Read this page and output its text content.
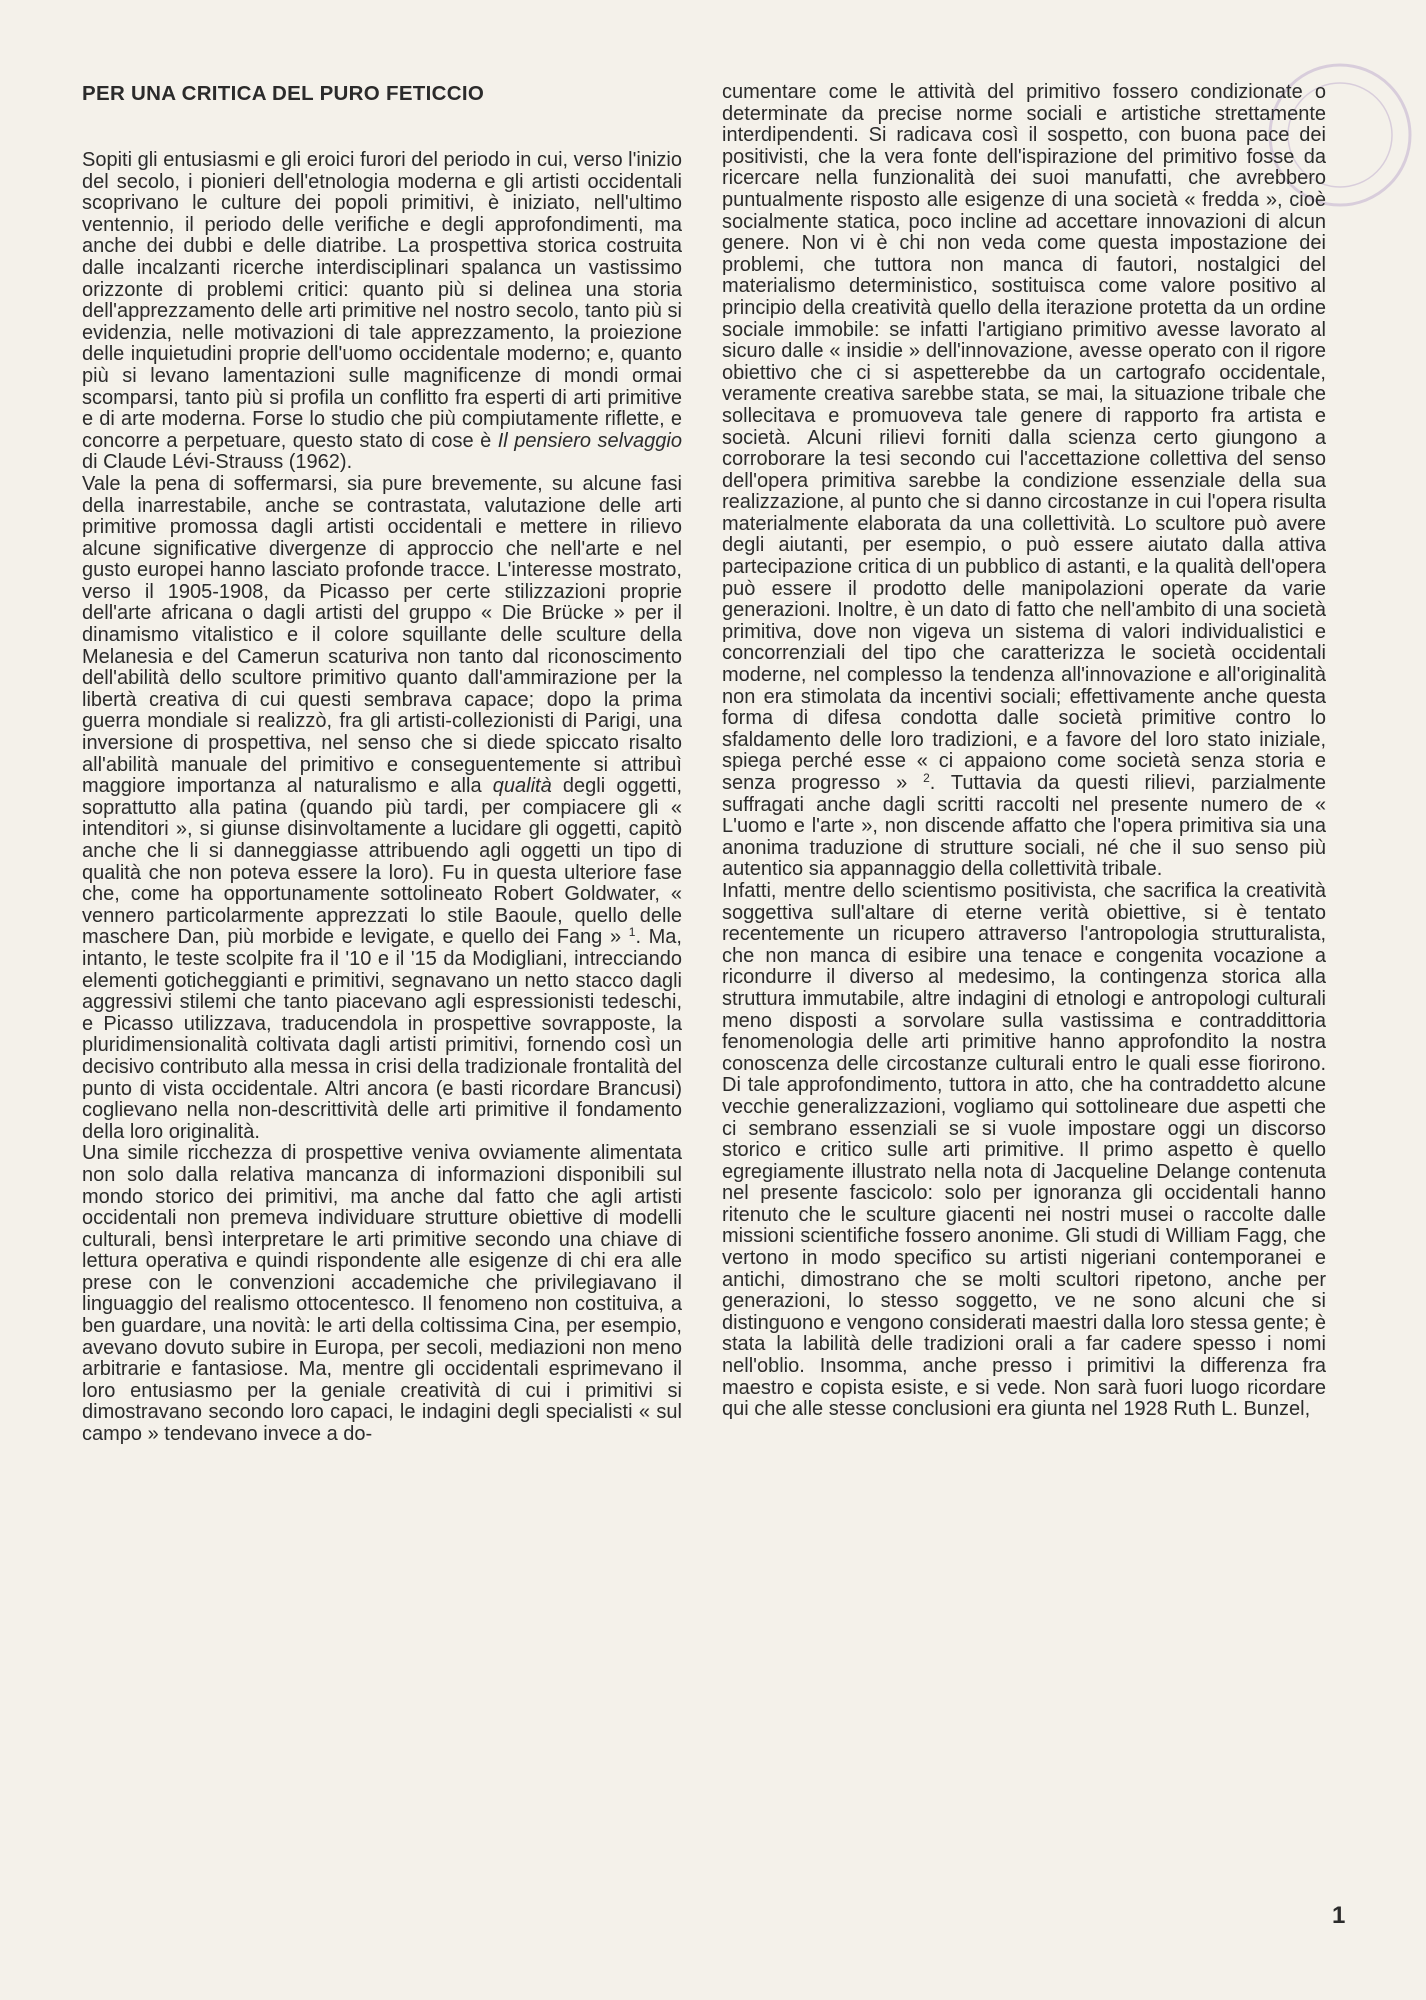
PER UNA CRITICA DEL PURO FETICCIO

Sopiti gli entusiasmi e gli eroici furori del periodo in cui, verso l'inizio del secolo, i pionieri dell'etnologia moderna e gli artisti occidentali scoprivano le culture dei popoli primitivi, è iniziato, nell'ultimo ventennio, il periodo delle verifiche e degli approfondimenti, ma anche dei dubbi e delle diatribe. La prospettiva storica costruita dalle incalzanti ricerche interdisciplinari spalanca un vastissimo orizzonte di problemi critici: quanto più si delinea una storia dell'apprezzamento delle arti primitive nel nostro secolo, tanto più si evidenzia, nelle motivazioni di tale apprezzamento, la proiezione delle inquietudini proprie dell'uomo occidentale moderno; e, quanto più si levano lamentazioni sulle magnificenze di mondi ormai scomparsi, tanto più si profila un conflitto fra esperti di arti primitive e di arte moderna. Forse lo studio che più compiutamente riflette, e concorre a perpetuare, questo stato di cose è Il pensiero selvaggio di Claude Lévi-Strauss (1962).

Vale la pena di soffermarsi, sia pure brevemente, su alcune fasi della inarrestabile, anche se contrastata, valutazione delle arti primitive promossa dagli artisti occidentali e mettere in rilievo alcune significative divergenze di approccio che nell'arte e nel gusto europei hanno lasciato profonde tracce. L'interesse mostrato, verso il 1905-1908, da Picasso per certe stilizzazioni proprie dell'arte africana o dagli artisti del gruppo « Die Brücke » per il dinamismo vitalistico e il colore squillante delle sculture della Melanesia e del Camerun scaturiva non tanto dal riconoscimento dell'abilità dello scultore primitivo quanto dall'ammirazione per la libertà creativa di cui questi sembrava capace; dopo la prima guerra mondiale si realizzò, fra gli artisti-collezionisti di Parigi, una inversione di prospettiva, nel senso che si diede spiccato risalto all'abilità manuale del primitivo e conseguentemente si attribuì maggiore importanza al naturalismo e alla qualità degli oggetti, soprattutto alla patina (quando più tardi, per compiacere gli « intenditori », si giunse disinvoltamente a lucidare gli oggetti, capitò anche che li si danneggiasse attribuendo agli oggetti un tipo di qualità che non poteva essere la loro). Fu in questa ulteriore fase che, come ha opportunamente sottolineato Robert Goldwater, « vennero particolarmente apprezzati lo stile Baoule, quello delle maschere Dan, più morbide e levigate, e quello dei Fang » $^1$. Ma, intanto, le teste scolpite fra il '10 e il '15 da Modigliani, intrecciando elementi goticheggianti e primitivi, segnavano un netto stacco dagli aggressivi stilemi che tanto piacevano agli espressionisti tedeschi, e Picasso utilizzava, traducendola in prospettive sovrapposte, la pluridimensionalità coltivata dagli artisti primitivi, fornendo così un decisivo contributo alla messa in crisi della tradizionale frontalità del punto di vista occidentale. Altri ancora (e basti ricordare Brancusi) coglievano nella non-descrittività delle arti primitive il fondamento della loro originalità.

Una simile ricchezza di prospettive veniva ovviamente alimentata non solo dalla relativa mancanza di informazioni disponibili sul mondo storico dei primitivi, ma anche dal fatto che agli artisti occidentali non premeva individuare strutture obiettive di modelli culturali, bensì interpretare le arti primitive secondo una chiave di lettura operativa e quindi rispondente alle esigenze di chi era alle prese con le convenzioni accademiche che privilegiavano il linguaggio del realismo ottocentesco. Il fenomeno non costituiva, a ben guardare, una novità: le arti della coltissima Cina, per esempio, avevano dovuto subire in Europa, per secoli, mediazioni non meno arbitrarie e fantasiose. Ma, mentre gli occidentali esprimevano il loro entusiasmo per la geniale creatività di cui i primitivi si dimostravano secondo loro capaci, le indagini degli specialisti « sul campo » tendevano invece a do-

cumentare come le attività del primitivo fossero condizionate o determinate da precise norme sociali e artistiche strettamente interdipendenti. Si radicava così il sospetto, con buona pace dei positivisti, che la vera fonte dell'ispirazione del primitivo fosse da ricercare nella funzionalità dei suoi manufatti, che avrebbero puntualmente risposto alle esigenze di una società « fredda », cioè socialmente statica, poco incline ad accettare innovazioni di alcun genere. Non vi è chi non veda come questa impostazione dei problemi, che tuttora non manca di fautori, nostalgici del materialismo deterministico, sostituisca come valore positivo al principio della creatività quello della iterazione protetta da un ordine sociale immobile: se infatti l'artigiano primitivo avesse lavorato al sicuro dalle « insidie » dell'innovazione, avesse operato con il rigore obiettivo che ci si aspetterebbe da un cartografo occidentale, veramente creativa sarebbe stata, se mai, la situazione tribale che sollecitava e promuoveva tale genere di rapporto fra artista e società. Alcuni rilievi forniti dalla scienza certo giungono a corroborare la tesi secondo cui l'accettazione collettiva del senso dell'opera primitiva sarebbe la condizione essenziale della sua realizzazione, al punto che si danno circostanze in cui l'opera risulta materialmente elaborata da una collettività. Lo scultore può avere degli aiutanti, per esempio, o può essere aiutato dalla attiva partecipazione critica di un pubblico di astanti, e la qualità dell'opera può essere il prodotto delle manipolazioni operate da varie generazioni. Inoltre, è un dato di fatto che nell'ambito di una società primitiva, dove non vigeva un sistema di valori individualistici e concorrenziali del tipo che caratterizza le società occidentali moderne, nel complesso la tendenza all'innovazione e all'originalità non era stimolata da incentivi sociali; effettivamente anche questa forma di difesa condotta dalle società primitive contro lo sfaldamento delle loro tradizioni, e a favore del loro stato iniziale, spiega perché esse « ci appaiono come società senza storia e senza progresso » $^2$. Tuttavia da questi rilievi, parzialmente suffragati anche dagli scritti raccolti nel presente numero de « L'uomo e l'arte », non discende affatto che l'opera primitiva sia una anonima traduzione di strutture sociali, né che il suo senso più autentico sia appannaggio della collettività tribale.

Infatti, mentre dello scientismo positivista, che sacrifica la creatività soggettiva sull'altare di eterne verità obiettive, si è tentato recentemente un ricupero attraverso l'antropologia strutturalista, che non manca di esibire una tenace e congenita vocazione a ricondurre il diverso al medesimo, la contingenza storica alla struttura immutabile, altre indagini di etnologi e antropologi culturali meno disposti a sorvolare sulla vastissima e contraddittoria fenomenologia delle arti primitive hanno approfondito la nostra conoscenza delle circostanze culturali entro le quali esse fiorirono. Di tale approfondimento, tuttora in atto, che ha contraddetto alcune vecchie generalizzazioni, vogliamo qui sottolineare due aspetti che ci sembrano essenziali se si vuole impostare oggi un discorso storico e critico sulle arti primitive. Il primo aspetto è quello egregiamente illustrato nella nota di Jacqueline Delange contenuta nel presente fascicolo: solo per ignoranza gli occidentali hanno ritenuto che le sculture giacenti nei nostri musei o raccolte dalle missioni scientifiche fossero anonime. Gli studi di William Fagg, che vertono in modo specifico su artisti nigeriani contemporanei e antichi, dimostrano che se molti scultori ripetono, anche per generazioni, lo stesso soggetto, ve ne sono alcuni che si distinguono e vengono considerati maestri dalla loro stessa gente; è stata la labilità delle tradizioni orali a far cadere spesso i nomi nell'oblio. Insomma, anche presso i primitivi la differenza fra maestro e copista esiste, e si vede. Non sarà fuori luogo ricordare qui che alle stesse conclusioni era giunta nel 1928 Ruth L. Bunzel,

1
